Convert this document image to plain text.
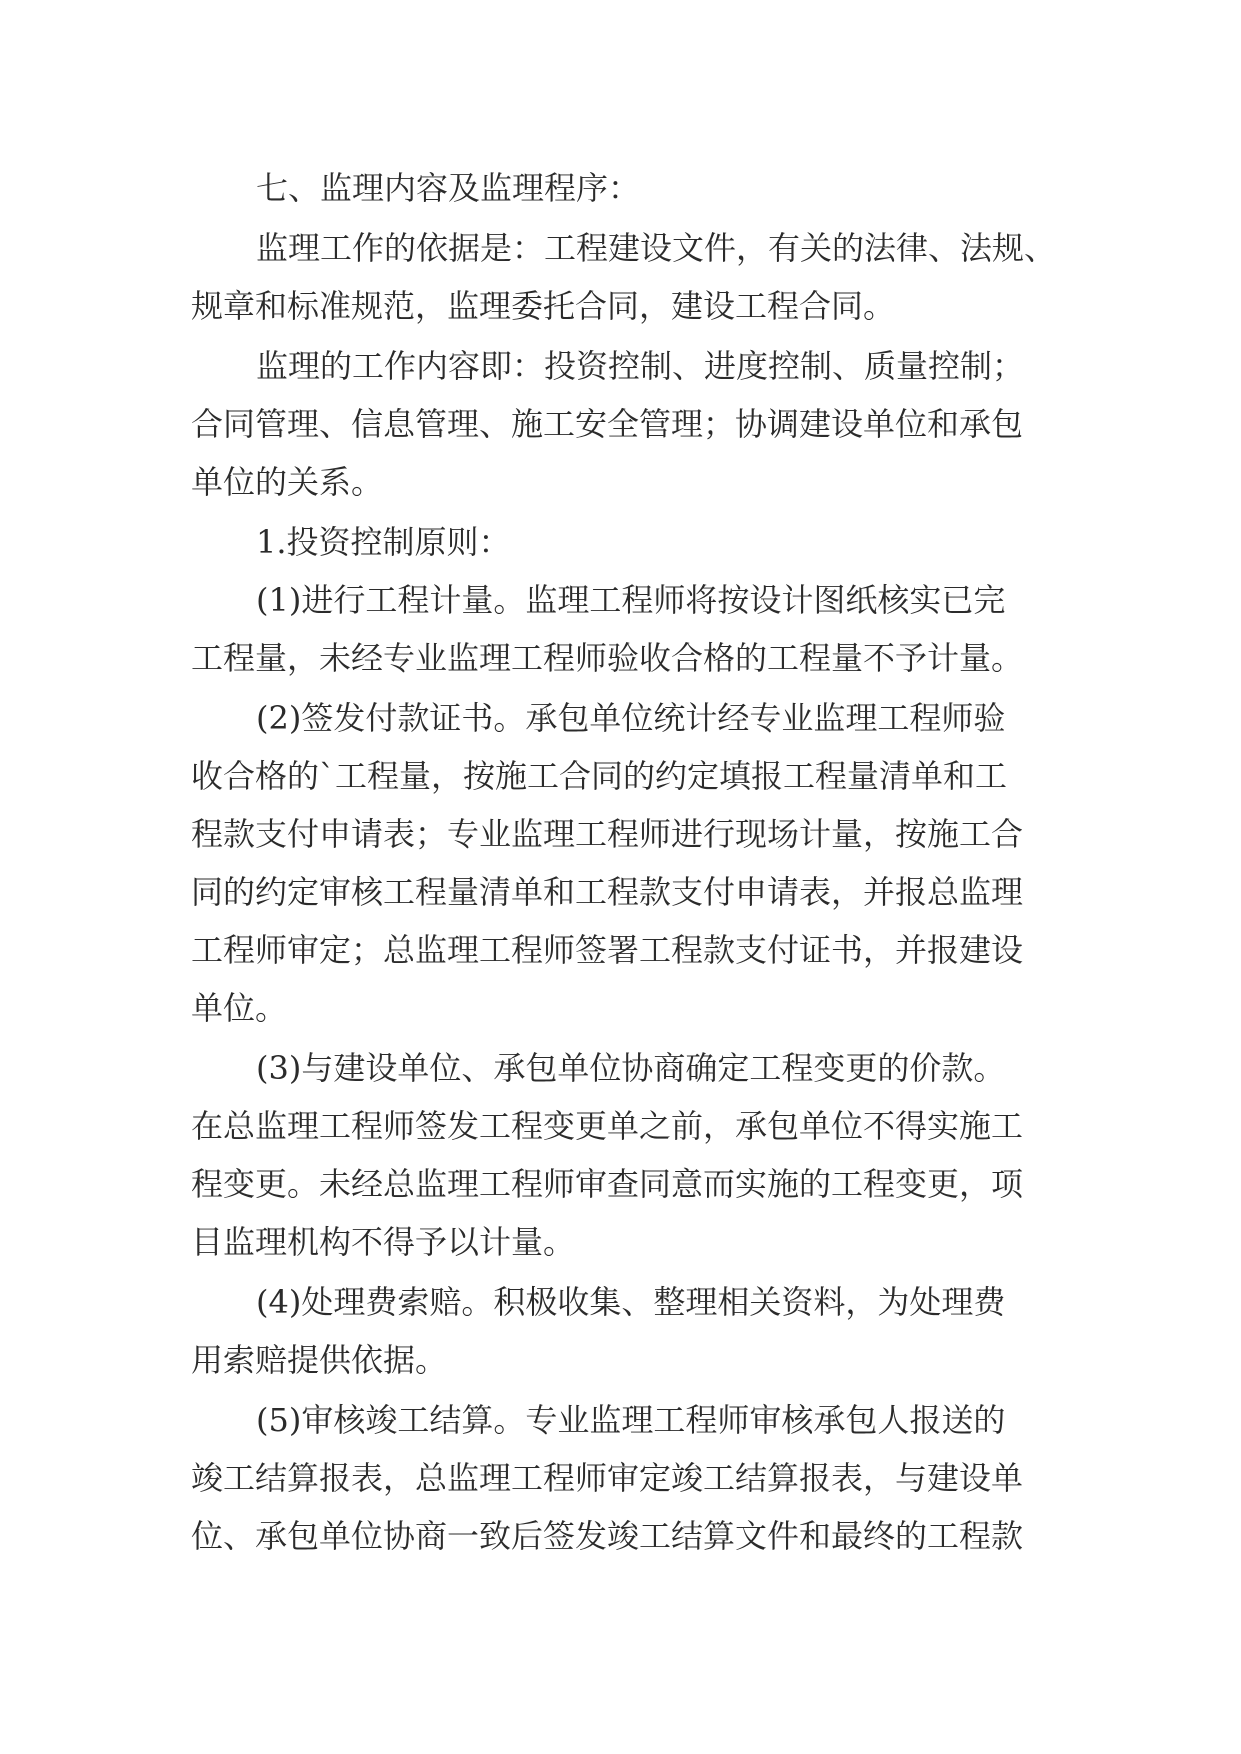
七、监理内容及监理程序：
监理工作的依据是：工程建设文件，有关的法律、法规、
规章和标准规范，监理委托合同，建设工程合同。
监理的工作内容即：投资控制、进度控制、质量控制；
合同管理、信息管理、施工安全管理；协调建设单位和承包
单位的关系。
1.投资控制原则：
(1)进行工程计量。监理工程师将按设计图纸核实已完
工程量，未经专业监理工程师验收合格的工程量不予计量。
(2)签发付款证书。承包单位统计经专业监理工程师验
收合格的`工程量，按施工合同的约定填报工程量清单和工
程款支付申请表；专业监理工程师进行现场计量，按施工合
同的约定审核工程量清单和工程款支付申请表，并报总监理
工程师审定；总监理工程师签署工程款支付证书，并报建设
单位。
(3)与建设单位、承包单位协商确定工程变更的价款。
在总监理工程师签发工程变更单之前，承包单位不得实施工
程变更。未经总监理工程师审查同意而实施的工程变更，项
目监理机构不得予以计量。
(4)处理费索赔。积极收集、整理相关资料，为处理费
用索赔提供依据。
(5)审核竣工结算。专业监理工程师审核承包人报送的
竣工结算报表，总监理工程师审定竣工结算报表，与建设单
位、承包单位协商一致后签发竣工结算文件和最终的工程款
